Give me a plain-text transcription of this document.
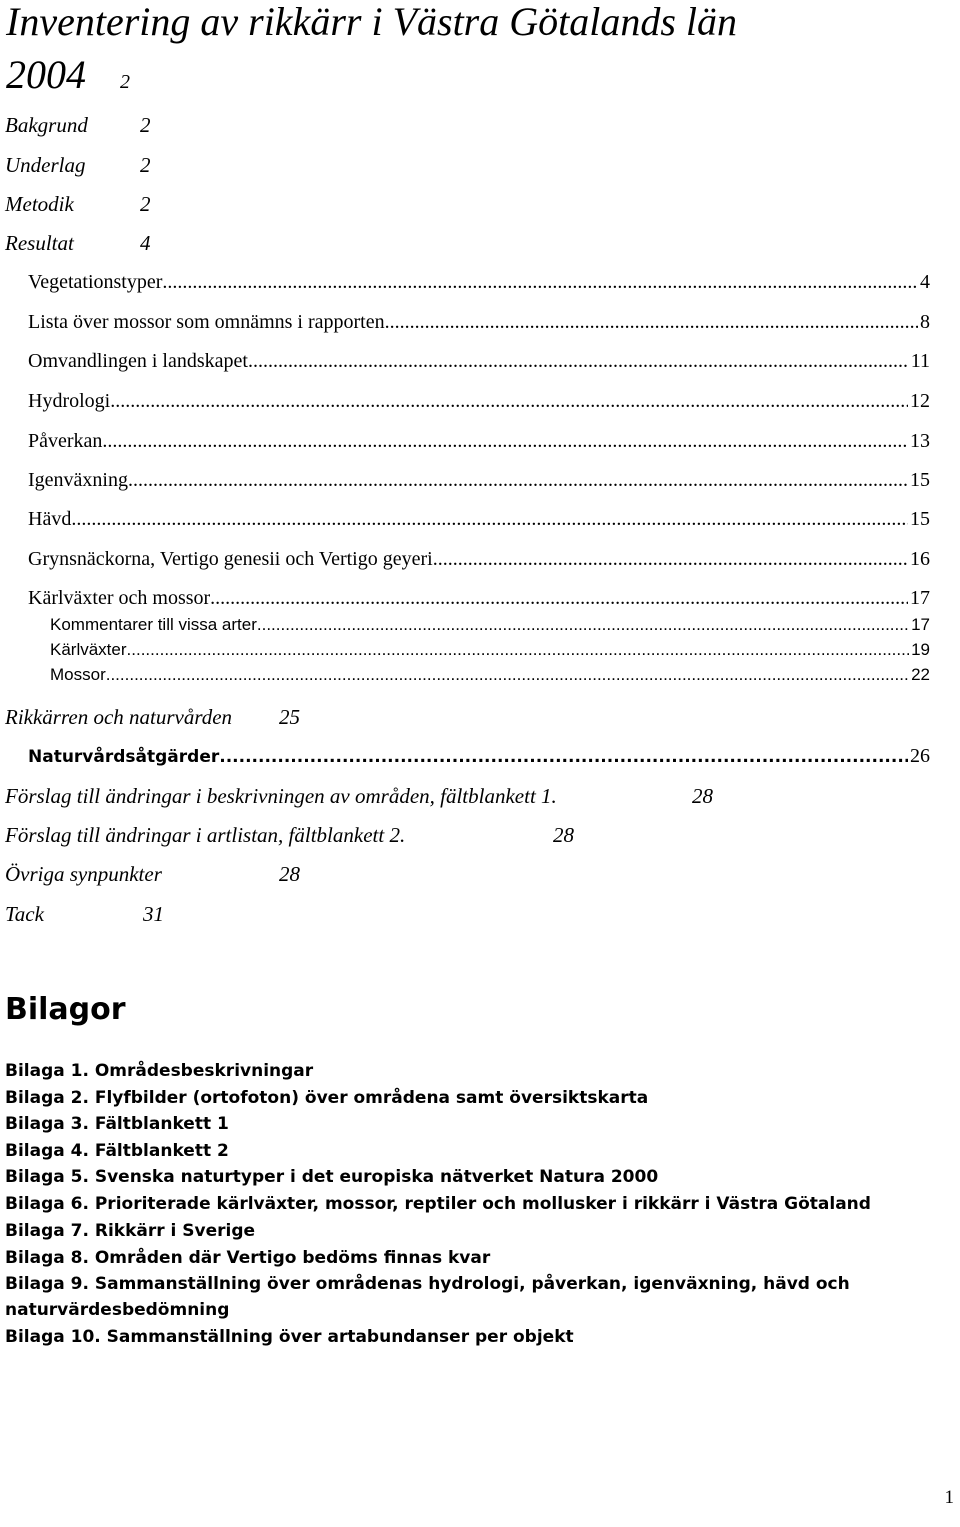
Inventering av rikkärr i Västra Götalands län
2004 2
Bakgrund 2
Underlag	2
Metodik	2
Resultat	4
Vegetationstyper .....	4
Lista över mossor som omnämns i rapporten. .....	8
Omvandlingen i landskapet .....	11
Hydrologi .....	12
Påverkan .....	13
Igenväxning .....	15
Hävd .....	15
Grynsnäckorna, Vertigo genesii och Vertigo geyeri .....	16
Kärlväxter och mossor .....	17
Kommentarer till vissa arter .....	17
Kärlväxter .....	19
Mossor .....	22
Rikkärren och naturvården 25
Naturvårdsåtgärder .....	26
Förslag till ändringar i beskrivningen av områden, fältblankett 1.	28
Förslag till ändringar i artlistan, fältblankett 2.	28
Övriga synpunkter	28
Tack	31
Bilagor
Bilaga 1. Områdesbeskrivningar
Bilaga 2. Flyfbilder (ortofoton) över områdena samt översiktskarta
Bilaga 3. Fältblankett 1
Bilaga 4. Fältblankett 2
Bilaga 5. Svenska naturtyper i det europiska nätverket Natura 2000
Bilaga 6. Prioriterade kärlväxter, mossor, reptiler och mollusker i rikkärr i Västra Götaland
Bilaga 7. Rikkärr i Sverige
Bilaga 8. Områden där Vertigo bedöms finnas kvar
Bilaga 9. Sammanställning över områdenas hydrologi, påverkan, igenväxning, hävd och naturvärdesbedömning
Bilaga 10. Sammanställning över artabundanser per objekt
1
